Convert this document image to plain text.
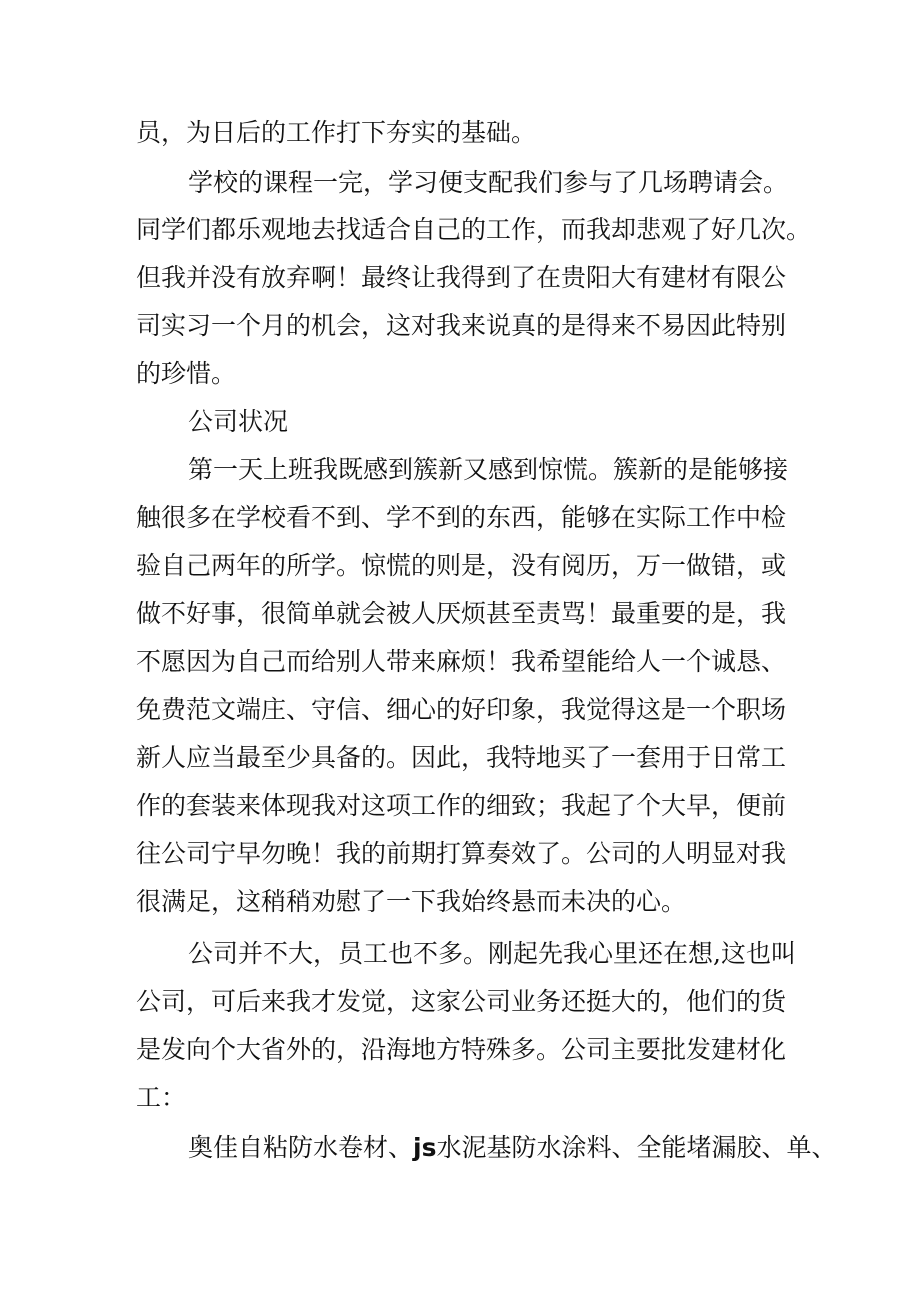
员，为日后的工作打下夯实的基础。

学校的课程一完，学习便支配我们参与了几场聘请会。

同学们都乐观地去找适合自己的工作，而我却悲观了好几次。

但我并没有放弃啊！最终让我得到了在贵阳大有建材有限公

司实习一个月的机会，这对我来说真的是得来不易因此特别

的珍惜。

公司状况

第一天上班我既感到簇新又感到惊慌。簇新的是能够接

触很多在学校看不到、学不到的东西，能够在实际工作中检

验自己两年的所学。惊慌的则是，没有阅历，万一做错，或

做不好事，很简单就会被人厌烦甚至责骂！最重要的是，我

不愿因为自己而给别人带来麻烦！我希望能给人一个诚恳、

免费范文端庄、守信、细心的好印象，我觉得这是一个职场

新人应当最至少具备的。因此，我特地买了一套用于日常工

作的套装来体现我对这项工作的细致；我起了个大早，便前

往公司宁早勿晚！我的前期打算奏效了。公司的人明显对我

很满足，这稍稍劝慰了一下我始终悬而未决的心。

公司并不大，员工也不多。刚起先我心里还在想,这也叫

公司，可后来我才发觉，这家公司业务还挺大的，他们的货

是发向个大省外的，沿海地方特殊多。公司主要批发建材化

工：

奥佳自粘防水卷材、js水泥基防水涂料、全能堵漏胶、单、
